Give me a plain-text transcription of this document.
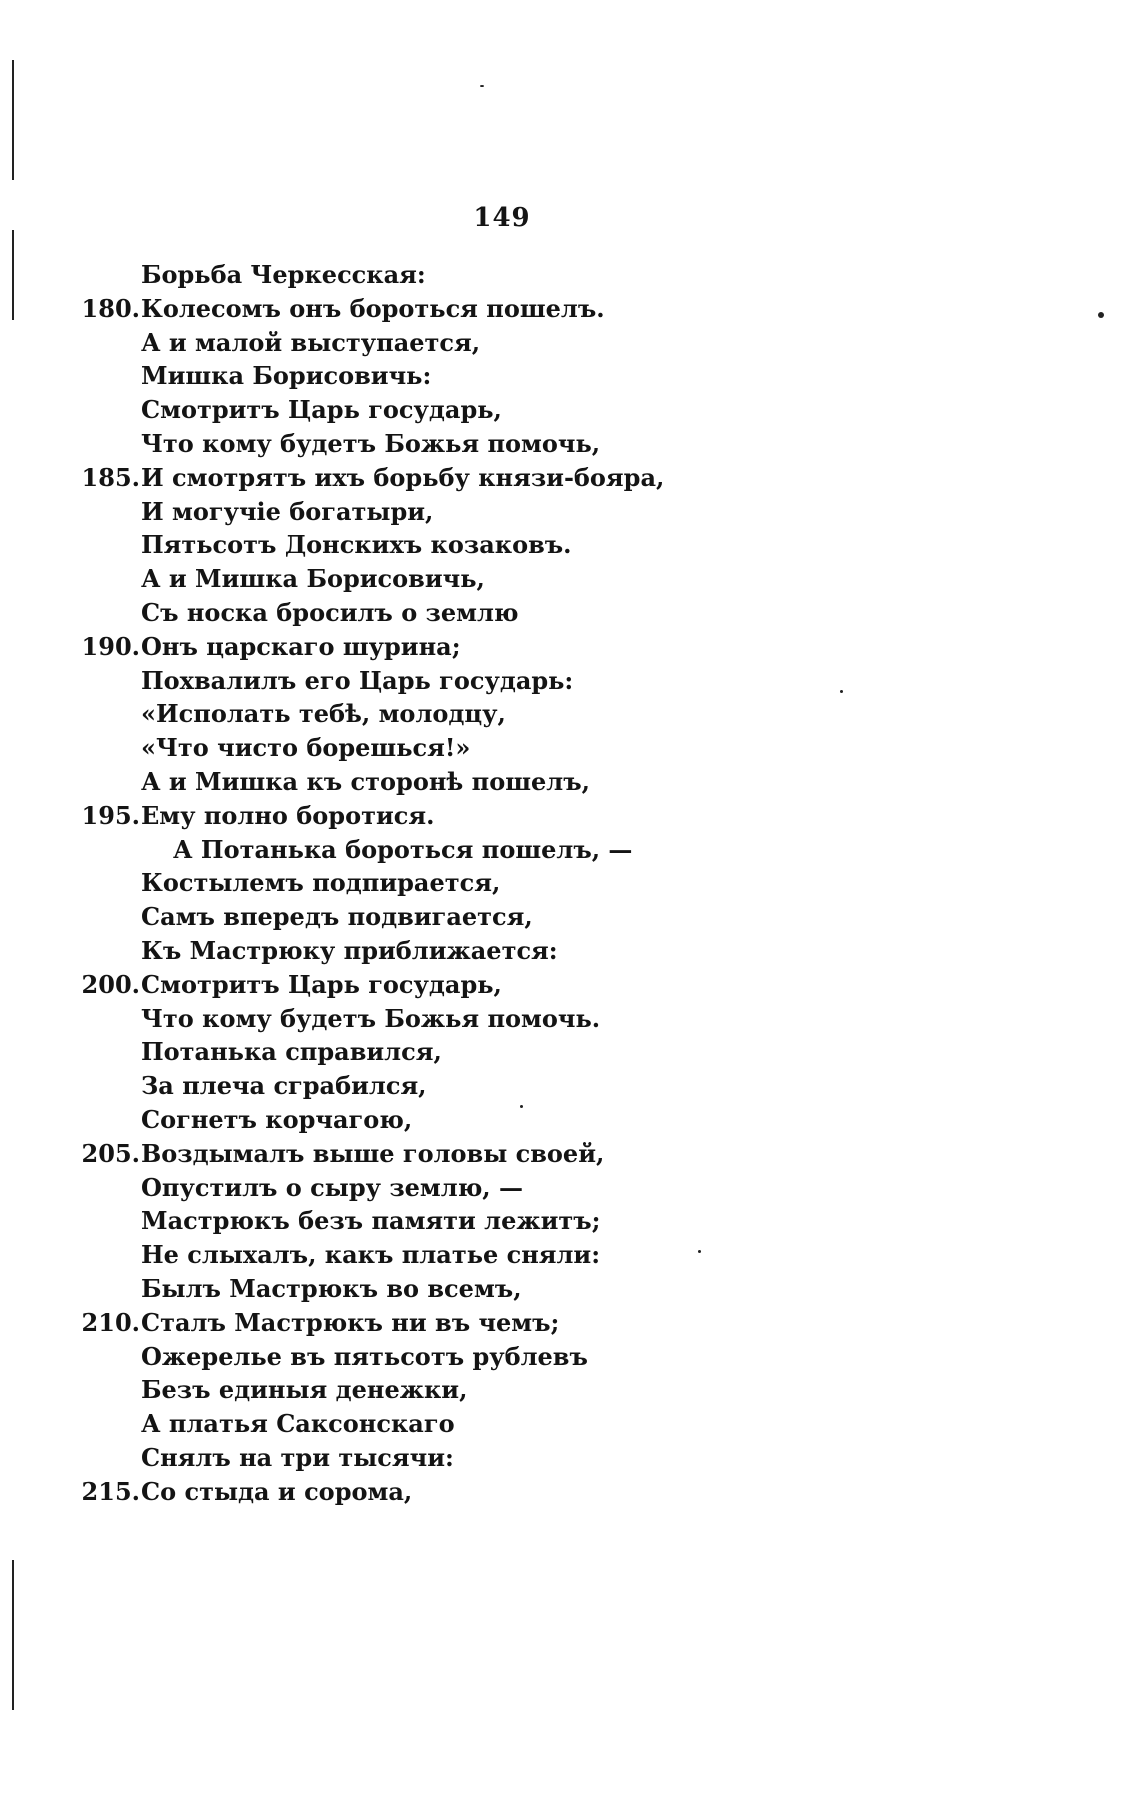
149
Борьба Черкесская:
180. Колесомъ онъ бороться пошелъ.
А и малой выступается,
Мишка Борисовичь:
Смотритъ Царь государь,
Что кому будетъ Божья помочь,
185. И смотрятъ ихъ борьбу князи-бояра,
И могучіе богатыри,
Пятьсотъ Донскихъ козаковъ.
А и Мишка Борисовичь,
Съ носка бросилъ о землю
190. Онъ царскаго шурина;
Похвалилъ его Царь государь:
«Исполать тебѣ, молодцу,
«Что чисто борешься!»
А и Мишка къ сторонѣ пошелъ,
195. Ему полно боротися.
А Потанька бороться пошелъ, —
Костылемъ подпирается,
Самъ впередъ подвигается,
Къ Мастрюку приближается:
200. Смотритъ Царь государь,
Что кому будетъ Божья помочь.
Потанька справился,
За плеча сграбился,
Согнетъ корчагою,
205. Воздымалъ выше головы своей,
Опустилъ о сыру землю, —
Мастрюкъ безъ памяти лежитъ;
Не слыхалъ, какъ платье сняли:
Былъ Мастрюкъ во всемъ,
210. Сталъ Мастрюкъ ни въ чемъ;
Ожерелье въ пятьсотъ рублевъ
Безъ единыя денежки,
А платья Саксонскаго
Снялъ на три тысячи:
215. Со стыда и сорома,
